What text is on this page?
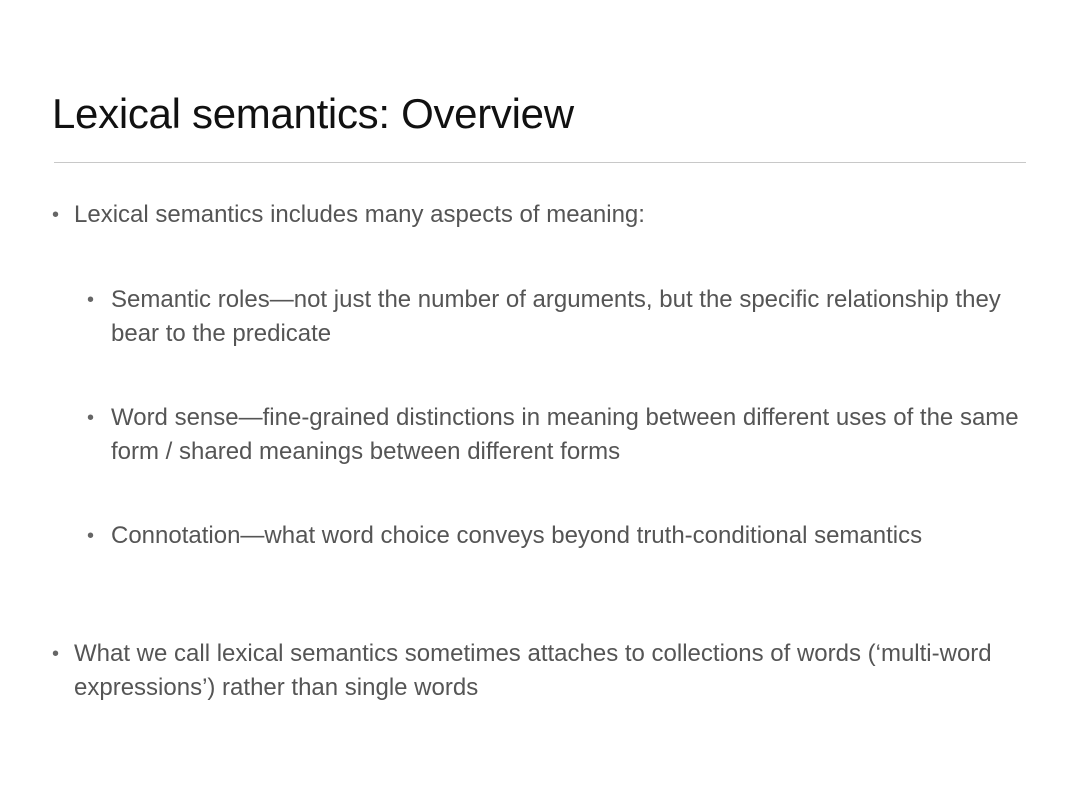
Lexical semantics: Overview
• Lexical semantics includes many aspects of meaning:
• Semantic roles—not just the number of arguments, but the specific relationship they bear to the predicate
• Word sense—fine-grained distinctions in meaning between different uses of the same form / shared meanings between different forms
• Connotation—what word choice conveys beyond truth-conditional semantics
• What we call lexical semantics sometimes attaches to collections of words (‘multi-word expressions’) rather than single words
